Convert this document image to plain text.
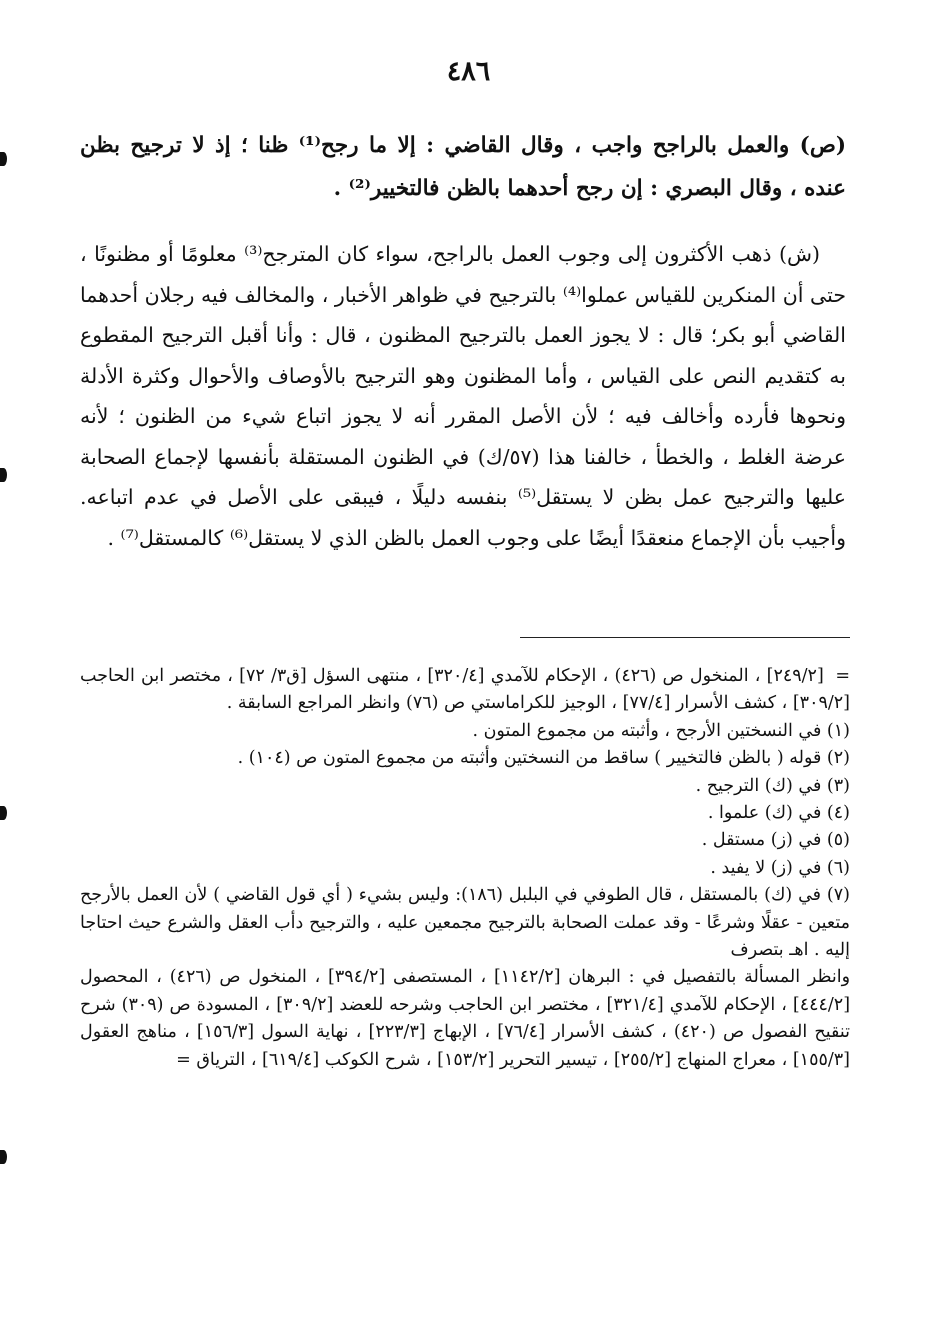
٤٨٦

(ص) والعمل بالراجح واجب ، وقال القاضي : إلا ما رجح⁽¹⁾ ظنا ؛ إذ لا ترجيح بظن عنده ، وقال البصري : إن رجح أحدهما بالظن فالتخيير⁽²⁾ .

(ش) ذهب الأكثرون إلى وجوب العمل بالراجح، سواء كان المترجح⁽³⁾ معلومًا أو مظنونًا ، حتى أن المنكرين للقياس عملوا⁽⁴⁾ بالترجيح في ظواهر الأخبار ، والمخالف فيه رجلان أحدهما القاضي أبو بكر؛ قال : لا يجوز العمل بالترجيح المظنون ، قال : وأنا أقبل الترجيح المقطوع به كتقديم النص على القياس ، وأما المظنون وهو الترجيح بالأوصاف والأحوال وكثرة الأدلة ونحوها فأرده وأخالف فيه ؛ لأن الأصل المقرر أنه لا يجوز اتباع شيء من الظنون ؛ لأنه عرضة الغلط ، والخطأ ، خالفنا هذا (٥٧/ك) في الظنون المستقلة بأنفسها لإجماع الصحابة عليها والترجيح عمل بظن لا يستقل⁽⁵⁾ بنفسه دليلًا ، فيبقى على الأصل في عدم اتباعه. وأجيب بأن الإجماع منعقدًا أيضًا على وجوب العمل بالظن الذي لا يستقل⁽⁶⁾ كالمستقل⁽⁷⁾ .

= [٢٤٩/٢] ، المنخول ص (٤٢٦) ، الإحكام للآمدي [٣٢٠/٤] ، منتهى السؤل [ق٣/ ٧٢] ، مختصر ابن الحاجب [٣٠٩/٢] ، كشف الأسرار [٧٧/٤] ، الوجيز للكراماستي ص (٧٦) وانظر المراجع السابقة .
(١) في النسختين الأرجح ، وأثبته من مجموع المتون .
(٢) قوله ( بالظن فالتخيير ) ساقط من النسختين وأثبته من مجموع المتون ص (١٠٤) .
(٣) في (ك) الترجيح .
(٤) في (ك) علموا .
(٥) في (ز) مستقل .
(٦) في (ز) لا يفيد .
(٧) في (ك) بالمستقل ، قال الطوفي في البلبل (١٨٦): وليس بشيء ( أي قول القاضي ) لأن العمل بالأرجح متعين - عقلًا وشرعًا - وقد عملت الصحابة بالترجيح مجمعين عليه ، والترجيح دأب العقل والشرع حيث احتاجا إليه . اهـ بتصرف
وانظر المسألة بالتفصيل في : البرهان [١١٤٢/٢] ، المستصفى [٣٩٤/٢] ، المنخول ص (٤٢٦) ، المحصول [٤٤٤/٢] ، الإحكام للآمدي [٣٢١/٤] ، مختصر ابن الحاجب وشرحه للعضد [٣٠٩/٢] ، المسودة ص (٣٠٩) شرح تنقيح الفصول ص (٤٢٠) ، كشف الأسرار [٧٦/٤] ، الإبهاج [٢٢٣/٣] ، نهاية السول [١٥٦/٣] ، مناهج العقول [١٥٥/٣] ، معراج المنهاج [٢٥٥/٢] ، تيسير التحرير [١٥٣/٢] ، شرح الكوكب [٦١٩/٤] ، الترياق =
